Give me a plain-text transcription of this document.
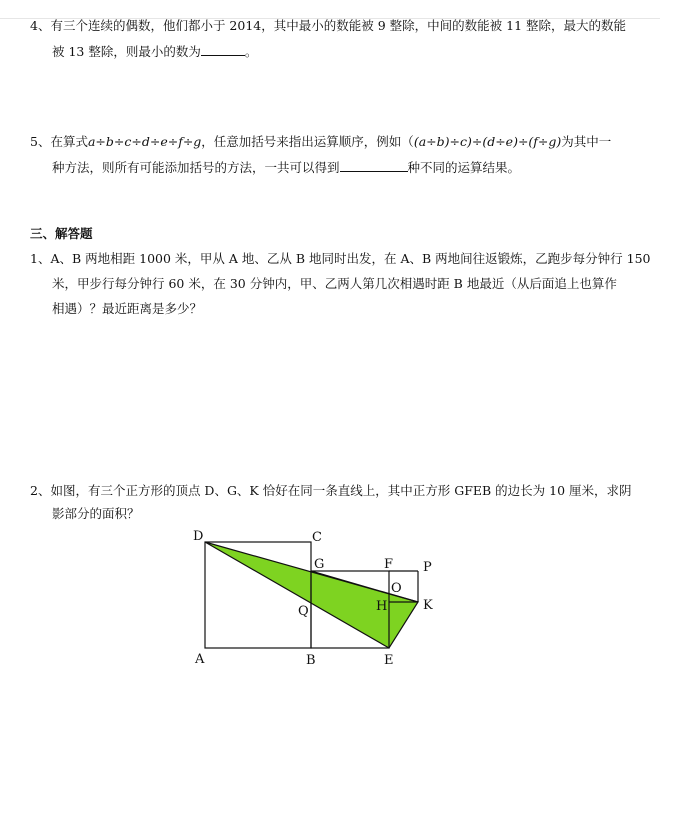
4、有三个连续的偶数，他们都小于 2014，其中最小的数能被 9 整除，中间的数能被 11 整除，最大的数能

被 13 整除，则最小的数为	。

5、在算式a÷b÷c÷d÷e÷f÷g，任意加括号来指出运算顺序，例如（(a÷b)÷c)÷(d÷e)÷(f÷g)为其中一

种方法，则所有可能添加括号的方法，一共可以得到	种不同的运算结果。

三、解答题

1、A、B 两地相距 1000 米，甲从 A 地、乙从 B 地同时出发，在 A、B 两地间往返锻炼，乙跑步每分钟行 150

米，甲步行每分钟行 60 米，在 30 分钟内，甲、乙两人第几次相遇时距 B 地最近（从后面追上也算作

相遇）？最近距离是多少？

2、如图，有三个正方形的顶点 D、G、K 恰好在同一条直线上，其中正方形 GFEB 的边长为 10 厘米，求阴

影部分的面积？

D	C
G	F P
O
H	K
Q
A	B	E
